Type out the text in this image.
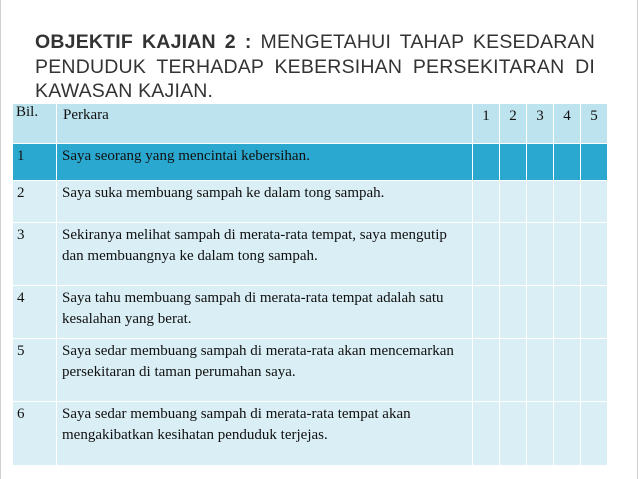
OBJEKTIF KAJIAN 2 : MENGETAHUI TAHAP KESEDARAN PENDUDUK TERHADAP KEBERSIHAN PERSEKITARAN DI KAWASAN KAJIAN.
Bil.	Perkara	1	2	3	4	5
1	Saya seorang yang mencintai kebersihan.					
2	Saya suka membuang sampah ke dalam tong sampah.					
3	Sekiranya melihat sampah di merata-rata tempat, saya mengutip dan membuangnya ke dalam tong sampah.					
4	Saya tahu membuang sampah di merata-rata tempat adalah satu kesalahan yang berat.					
5	Saya sedar membuang sampah di merata-rata akan mencemarkan persekitaran di taman perumahan saya.					
6	Saya sedar membuang sampah di merata-rata tempat akan mengakibatkan kesihatan penduduk terjejas.					
